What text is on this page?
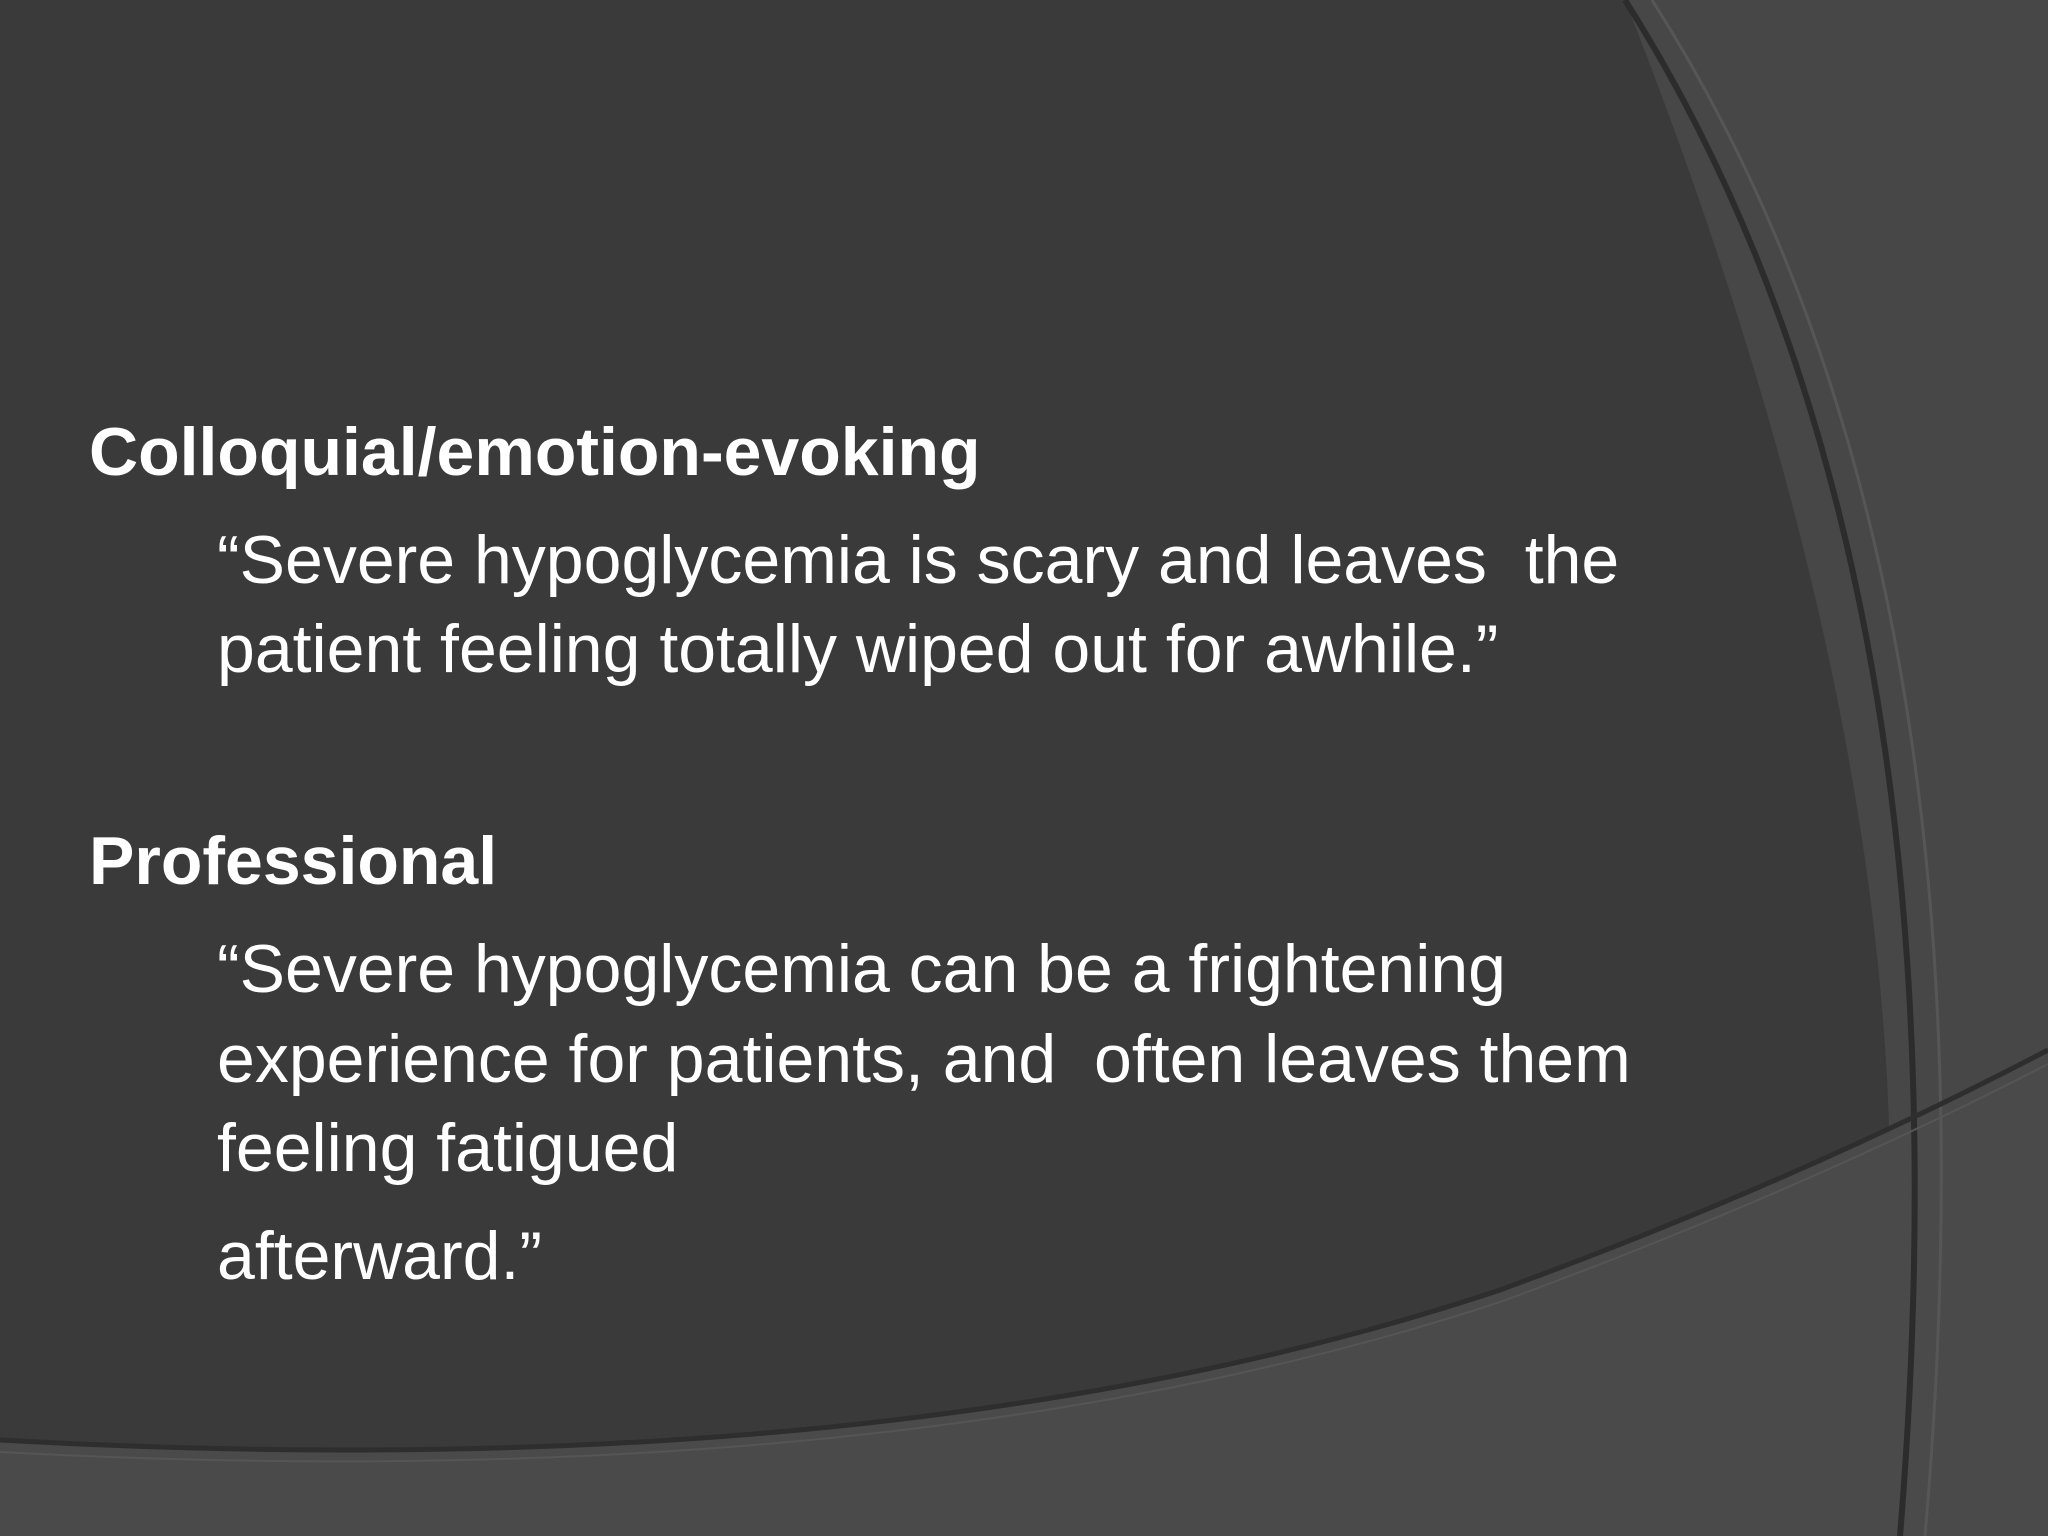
Colloquial/emotion-evoking
“Severe hypoglycemia is scary and leaves  the
patient feeling totally wiped out for awhile.”
Professional
“Severe hypoglycemia can be a frightening
experience for patients, and  often leaves them
feeling fatigued
afterward.”
